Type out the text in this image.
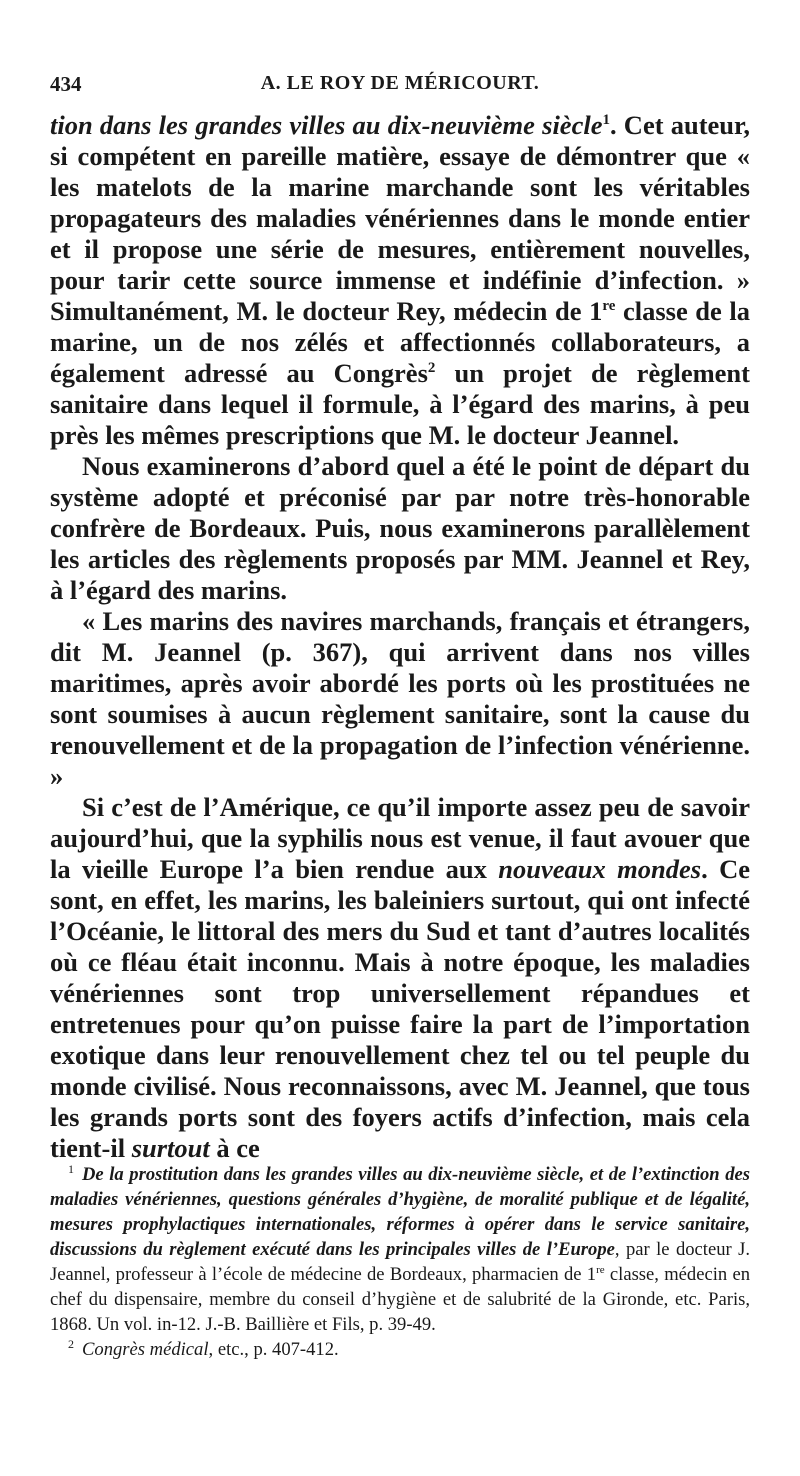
434	A. LE ROY DE MÉRICOURT.

tion dans les grandes villes au dix-neuvième siècle$^1$. Cet auteur, si compétent en pareille matière, essaye de démontrer que « les matelots de la marine marchande sont les véritables propagateurs des maladies vénériennes dans le monde entier et il propose une série de mesures, entièrement nouvelles, pour tarir cette source immense et indéfinie d’infection. » Simultanément, M. le docteur Rey, médecin de 1re classe de la marine, un de nos zélés et affectionnés collaborateurs, a également adressé au Congrès$^2$ un projet de règlement sanitaire dans lequel il formule, à l’égard des marins, à peu près les mêmes prescriptions que M. le docteur Jeannel.

Nous examinerons d’abord quel a été le point de départ du système adopté et préconisé par par notre très-honorable confrère de Bordeaux. Puis, nous examinerons parallèlement les articles des règlements proposés par MM. Jeannel et Rey, à l’égard des marins.

« Les marins des navires marchands, français et étrangers, dit M. Jeannel (p. 367), qui arrivent dans nos villes maritimes, après avoir abordé les ports où les prostituées ne sont soumises à aucun règlement sanitaire, sont la cause du renouvellement et de la propagation de l’infection vénérienne. »

Si c’est de l’Amérique, ce qu’il importe assez peu de savoir aujourd’hui, que la syphilis nous est venue, il faut avouer que la vieille Europe l’a bien rendue aux nouveaux mondes. Ce sont, en effet, les marins, les baleiniers surtout, qui ont infecté l’Océanie, le littoral des mers du Sud et tant d’autres localités où ce fléau était inconnu. Mais à notre époque, les maladies vénériennes sont trop universellement répandues et entretenues pour qu’on puisse faire la part de l’importation exotique dans leur renouvellement chez tel ou tel peuple du monde civilisé. Nous reconnaissons, avec M. Jeannel, que tous les grands ports sont des foyers actifs d’infection, mais cela tient-il surtout à ce

$^1$ De la prostitution dans les grandes villes au dix-neuvième siècle, et de l’extinction des maladies vénériennes, questions générales d’hygiène, de moralité publique et de légalité, mesures prophylactiques internationales, réformes à opérer dans le service sanitaire, discussions du règlement exécuté dans les principales villes de l’Europe, par le docteur J. Jeannel, professeur à l’école de médecine de Bordeaux, pharmacien de 1re classe, médecin en chef du dispensaire, membre du conseil d’hygiène et de salubrité de la Gironde, etc. Paris, 1868. Un vol. in-12. J.-B. Baillière et Fils, p. 39-49.

$^2$ Congrès médical, etc., p. 407-412.
